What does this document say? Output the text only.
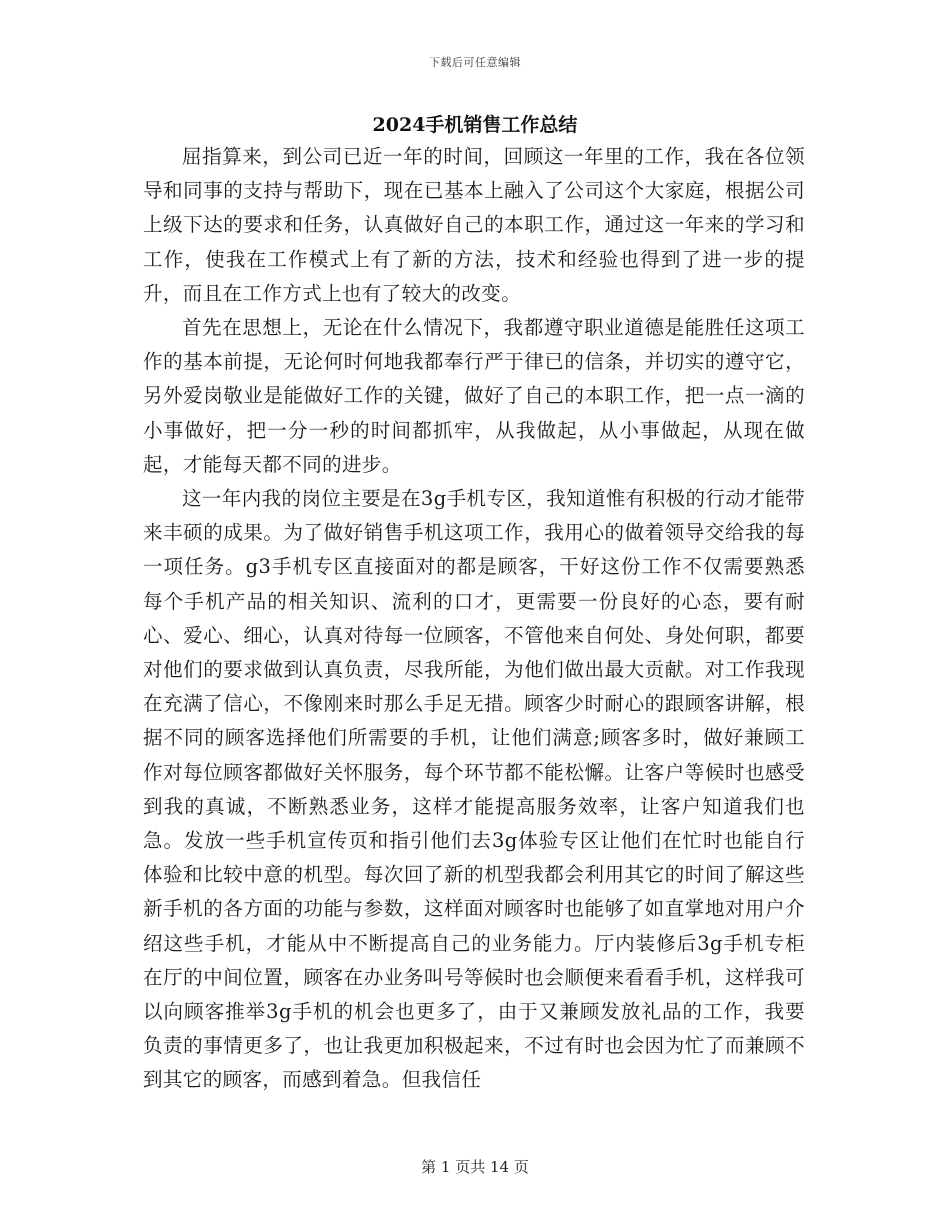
下载后可任意编辑
2024手机销售工作总结

屈指算来，到公司已近一年的时间，回顾这一年里的工作，我在各位领导和同事的支持与帮助下，现在已基本上融入了公司这个大家庭，根据公司上级下达的要求和任务，认真做好自己的本职工作，通过这一年来的学习和工作，使我在工作模式上有了新的方法，技术和经验也得到了进一步的提升，而且在工作方式上也有了较大的改变。

首先在思想上，无论在什么情况下，我都遵守职业道德是能胜任这项工作的基本前提，无论何时何地我都奉行严于律已的信条，并切实的遵守它，另外爱岗敬业是能做好工作的关键，做好了自己的本职工作，把一点一滴的小事做好，把一分一秒的时间都抓牢，从我做起，从小事做起，从现在做起，才能每天都不同的进步。

这一年内我的岗位主要是在3g手机专区，我知道惟有积极的行动才能带来丰硕的成果。为了做好销售手机这项工作，我用心的做着领导交给我的每一项任务。g3手机专区直接面对的都是顾客，干好这份工作不仅需要熟悉每个手机产品的相关知识、流利的口才，更需要一份良好的心态，要有耐心、爱心、细心，认真对待每一位顾客，不管他来自何处、身处何职，都要对他们的要求做到认真负责，尽我所能，为他们做出最大贡献。对工作我现在充满了信心，不像刚来时那么手足无措。顾客少时耐心的跟顾客讲解，根据不同的顾客选择他们所需要的手机，让他们满意;顾客多时，做好兼顾工作对每位顾客都做好关怀服务，每个环节都不能松懈。让客户等候时也感受到我的真诚，不断熟悉业务，这样才能提高服务效率，让客户知道我们也急。发放一些手机宣传页和指引他们去3g体验专区让他们在忙时也能自行体验和比较中意的机型。每次回了新的机型我都会利用其它的时间了解这些新手机的各方面的功能与参数，这样面对顾客时也能够了如直掌地对用户介绍这些手机，才能从中不断提高自己的业务能力。厅内装修后3g手机专柜在厅的中间位置，顾客在办业务叫号等候时也会顺便来看看手机，这样我可以向顾客推举3g手机的机会也更多了，由于又兼顾发放礼品的工作，我要负责的事情更多了，也让我更加积极起来，不过有时也会因为忙了而兼顾不到其它的顾客，而感到着急。但我信任

第 1 页共 14 页
